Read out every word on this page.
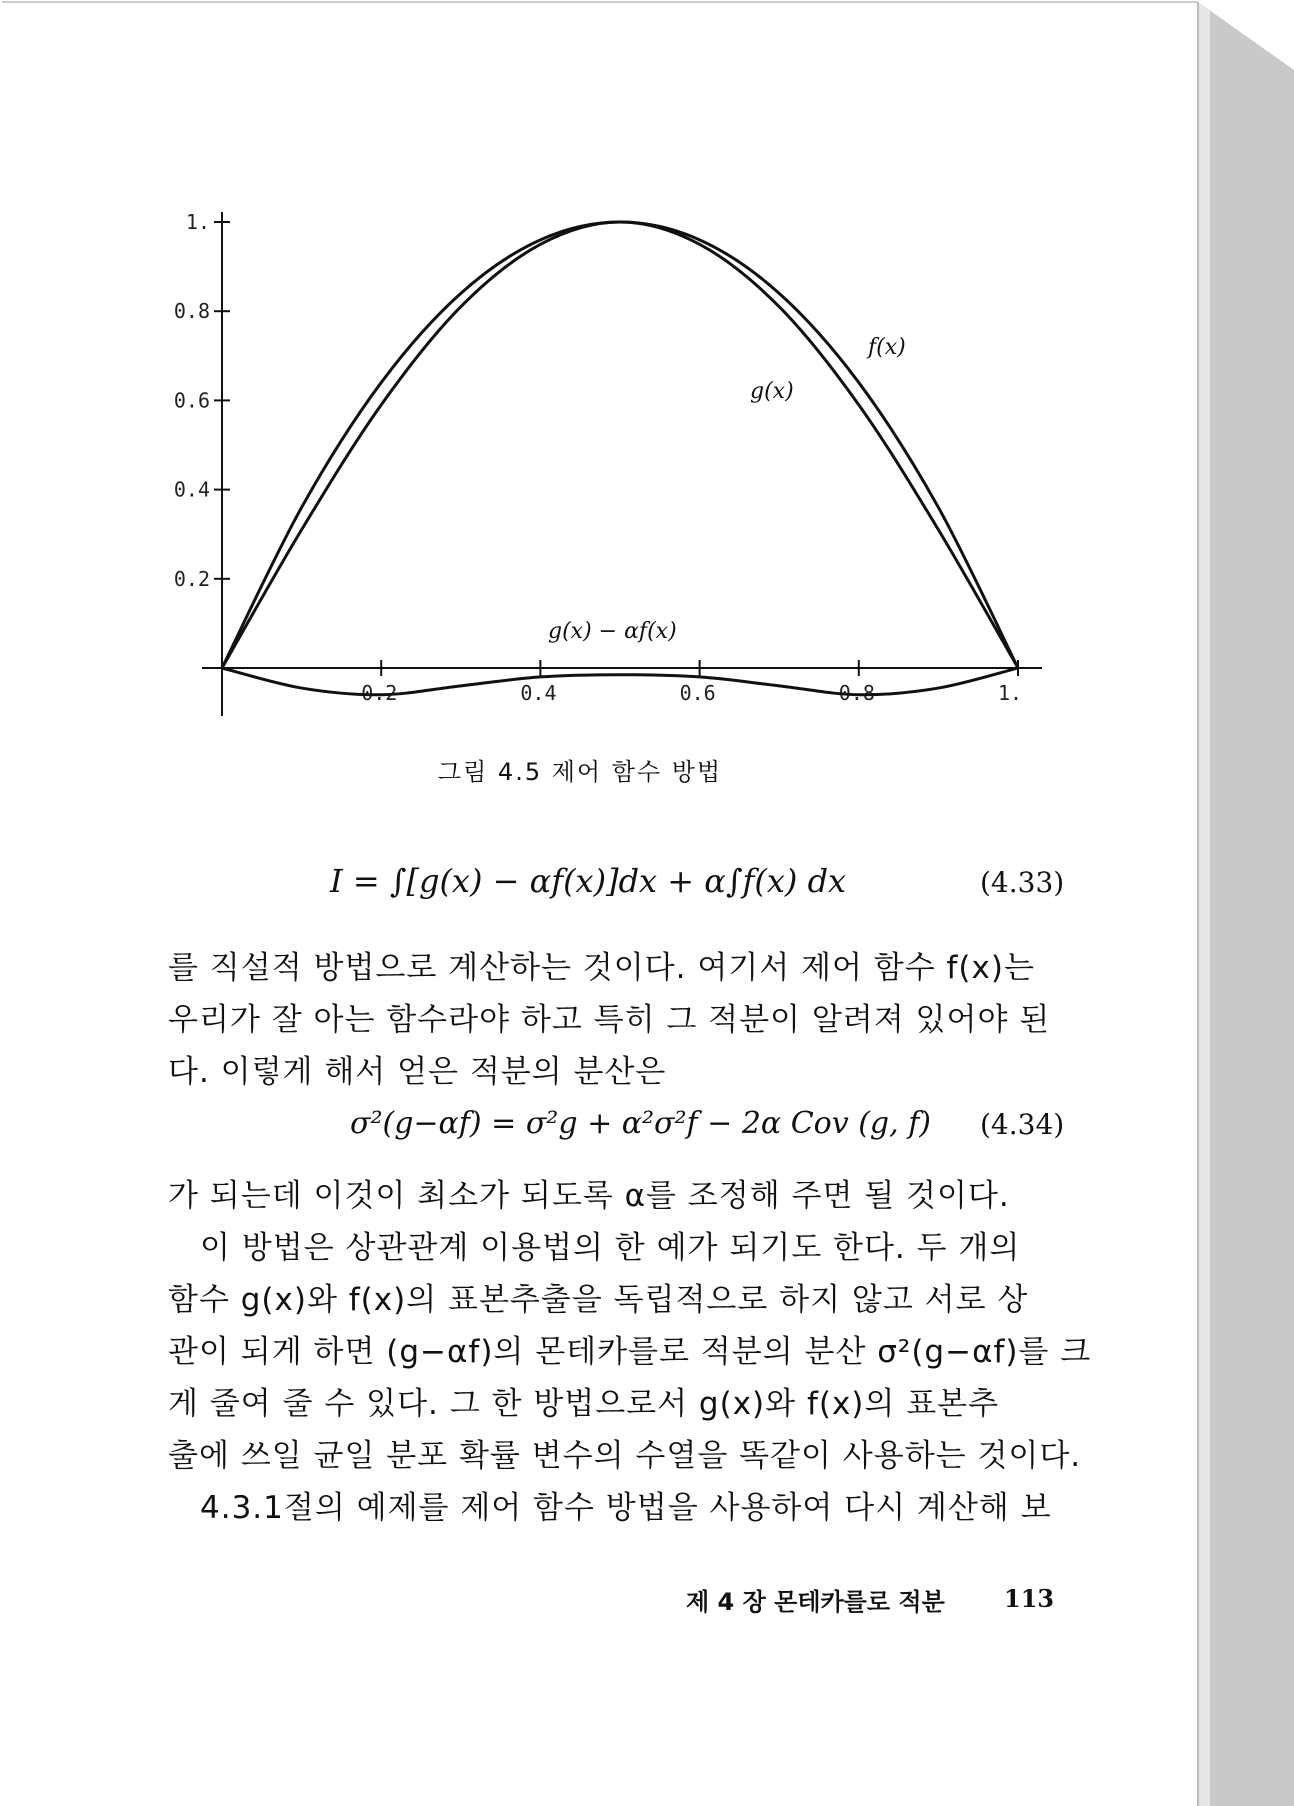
0.2	0.4	0.6	0.8	1.
0.2
0.4
0.6
0.8
1.
f(x)
g(x)
g(x) − αf(x)
그림 4.5 제어 함수 방법
I = ∫[g(x) − αf(x)]dx + α∫f(x) dx	(4.33)
를 직설적 방법으로 계산하는 것이다. 여기서 제어 함수 f(x)는
우리가 잘 아는 함수라야 하고 특히 그 적분이 알려져 있어야 된
다. 이렇게 해서 얻은 적분의 분산은
σ²(g−αf) = σ²g + α²σ²f − 2α Cov (g, f) (4.34)
가 되는데 이것이 최소가 되도록 α를 조정해 주면 될 것이다.
이 방법은 상관관계 이용법의 한 예가 되기도 한다. 두 개의
함수 g(x)와 f(x)의 표본추출을 독립적으로 하지 않고 서로 상
관이 되게 하면 (g−αf)의 몬테카를로 적분의 분산 σ²(g−αf)를 크
게 줄여 줄 수 있다. 그 한 방법으로서 g(x)와 f(x)의 표본추
출에 쓰일 균일 분포 확률 변수의 수열을 똑같이 사용하는 것이다.
4.3.1절의 예제를 제어 함수 방법을 사용하여 다시 계산해 보
제 4 장 몬테카를로 적분 113
